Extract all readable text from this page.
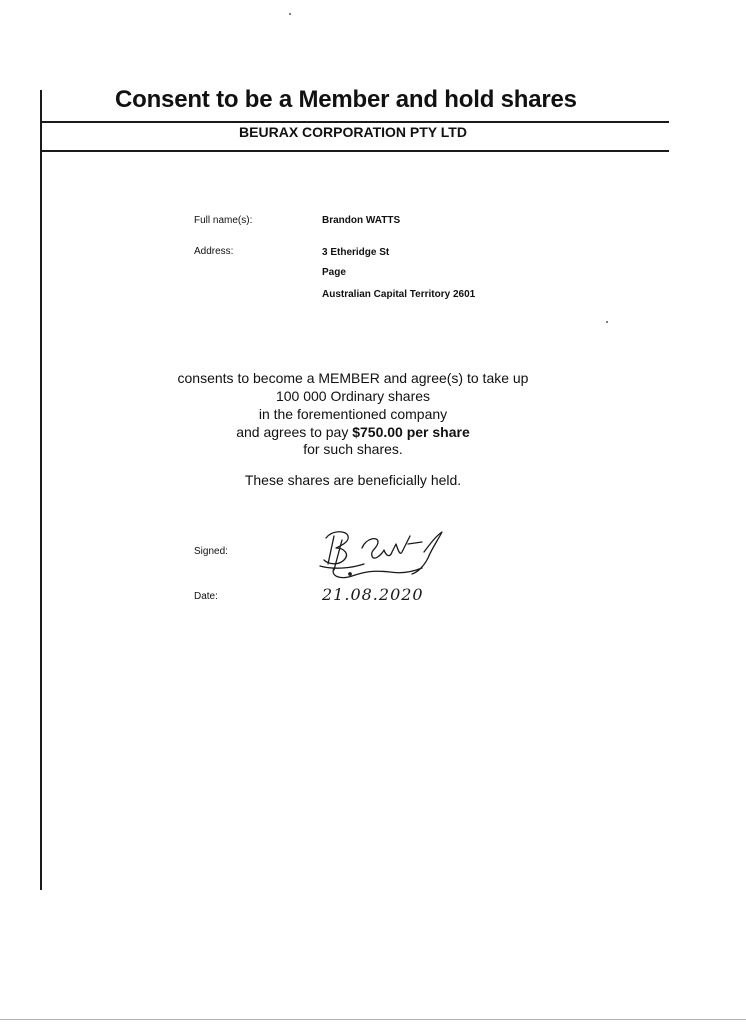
Consent to be a Member and hold shares
BEURAX CORPORATION PTY LTD
Full name(s):	Brandon WATTS
Address:	3 Etheridge St
Page
Australian Capital Territory 2601
consents to become a MEMBER and agree(s) to take up
100 000 Ordinary shares
in the forementioned company
and agrees to pay $750.00 per share
for such shares.
These shares are beneficially held.
Signed:
Date:	21.08.2020
